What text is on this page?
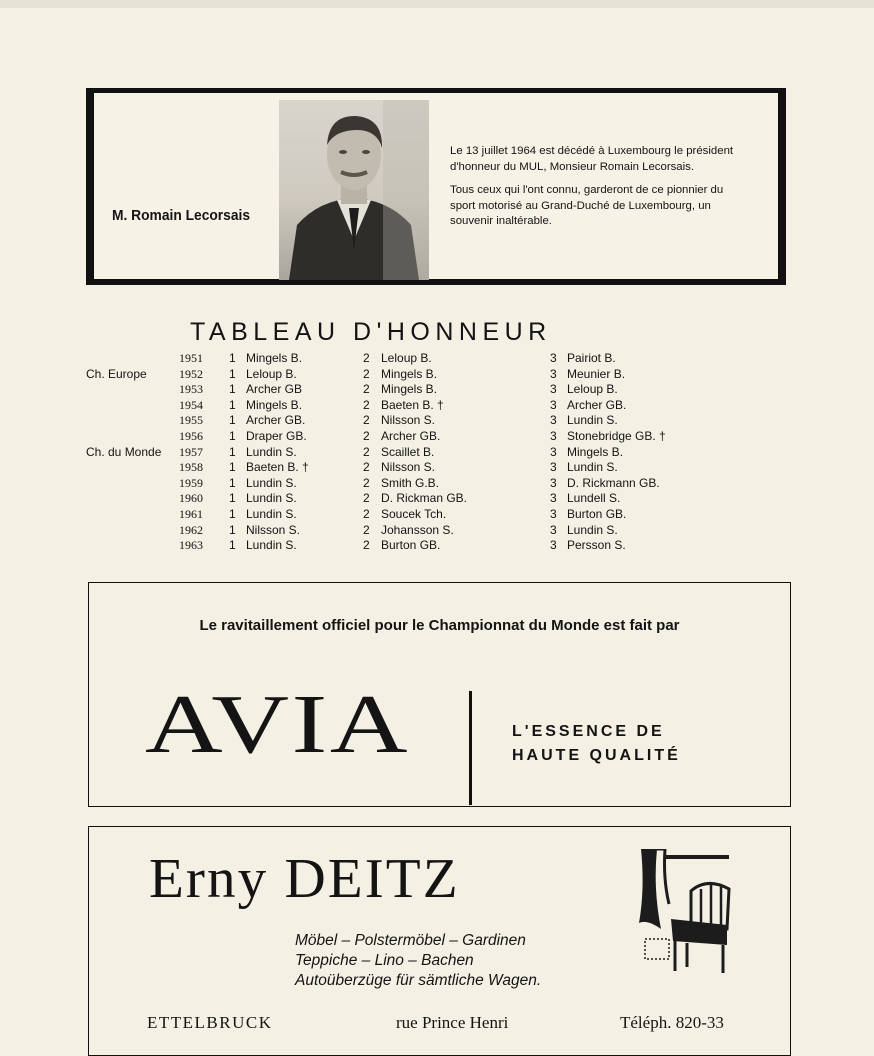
M. Romain Lecorsais

Le 13 juillet 1964 est décédé à Luxembourg le président d'honneur du MUL, Monsieur Romain Lecorsais.

Tous ceux qui l'ont connu, garderont de ce pionnier du sport motorisé au Grand-Duché de Luxembourg, un souvenir inaltérable.

TABLEAU D'HONNEUR
1951 1 Mingels B.	2 Leloup B.	3 Pairiot B.
Ch. Europe	1952 1 Leloup B.	2 Mingels B.	3 Meunier B.
1953 1 Archer GB	2 Mingels B.	3 Leloup B.
1954 1 Mingels B.	2 Baeten B. †	3 Archer GB.
1955 1 Archer GB.	2 Nilsson S.	3 Lundin S.
1956 1 Draper GB.	2 Archer GB.	3 Stonebridge GB. †
Ch. du Monde 1957 1 Lundin S.	2 Scaillet B.	3 Mingels B.
1958 1 Baeten B. †	2 Nilsson S.	3 Lundin S.
1959 1 Lundin S.	2 Smith G.B.	3 D. Rickmann GB.
1960 1 Lundin S.	2 D. Rickman GB.	3 Lundell S.
1961 1 Lundin S.	2 Soucek Tch.	3 Burton GB.
1962 1 Nilsson S.	2 Johansson S.	3 Lundin S.
1963 1 Lundin S.	2 Burton GB.	3 Persson S.
Le ravitaillement officiel pour le Championnat du Monde est fait par
AVIA	L'ESSENCE DE
HAUTE QUALITÉ
Erny DEITZ
Möbel – Polstermöbel – Gardinen
Teppiche – Lino – Bachen
Autoüberzüge für sämtliche Wagen.
ETTELBRUCK	rue Prince Henri	Téléph. 820-33
